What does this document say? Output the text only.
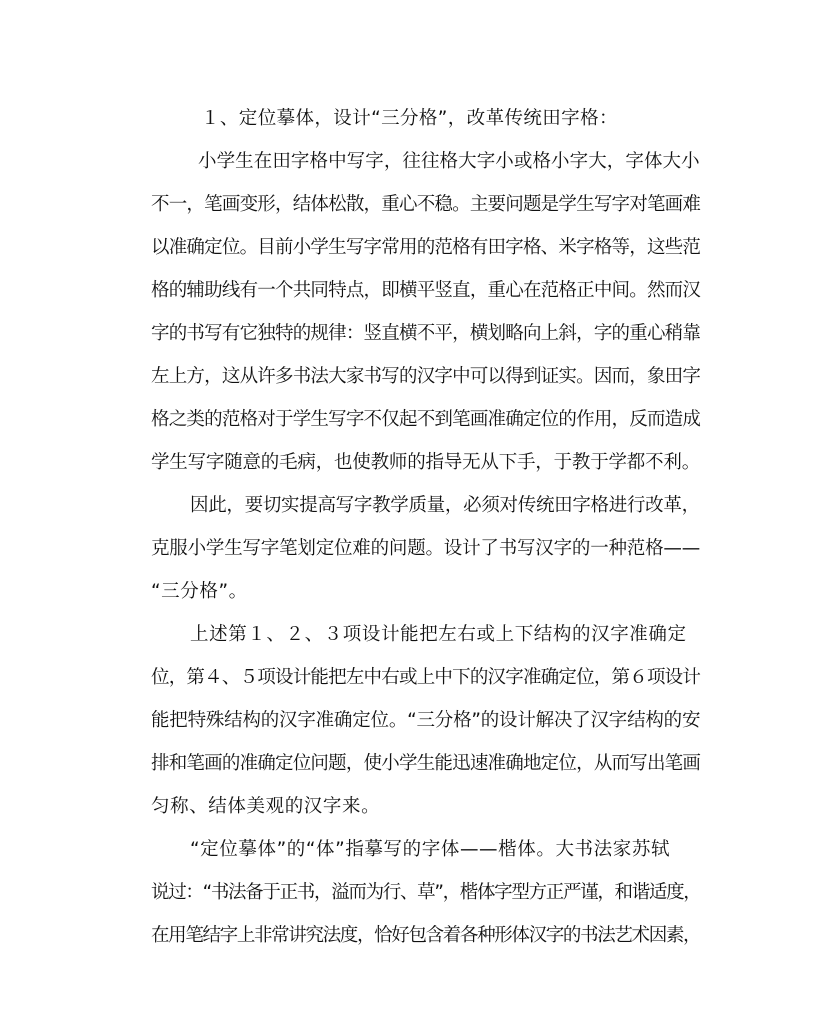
１、定位摹体，设计“三分格”，改革传统田字格：
小学生在田字格中写字，往往格大字小或格小字大，字体大小
不一，笔画变形，结体松散，重心不稳。主要问题是学生写字对笔画难
以准确定位。目前小学生写字常用的范格有田字格、米字格等，这些范
格的辅助线有一个共同特点，即横平竖直，重心在范格正中间。然而汉
字的书写有它独特的规律：竖直横不平，横划略向上斜，字的重心稍靠
左上方，这从许多书法大家书写的汉字中可以得到证实。因而，象田字
格之类的范格对于学生写字不仅起不到笔画准确定位的作用，反而造成
学生写字随意的毛病，也使教师的指导无从下手，于教于学都不利。
因此，要切实提高写字教学质量，必须对传统田字格进行改革，
克服小学生写字笔划定位难的问题。设计了书写汉字的一种范格——
“三分格”。
上述第１、２、３项设计能把左右或上下结构的汉字准确定
位，第４、５项设计能把左中右或上中下的汉字准确定位，第６项设计
能把特殊结构的汉字准确定位。“三分格”的设计解决了汉字结构的安
排和笔画的准确定位问题，使小学生能迅速准确地定位，从而写出笔画
匀称、结体美观的汉字来。
“定位摹体”的“体”指摹写的字体——楷体。大书法家苏轼
说过：“书法备于正书，溢而为行、草”，楷体字型方正严谨，和谐适度，
在用笔结字上非常讲究法度，恰好包含着各种形体汉字的书法艺术因素，
